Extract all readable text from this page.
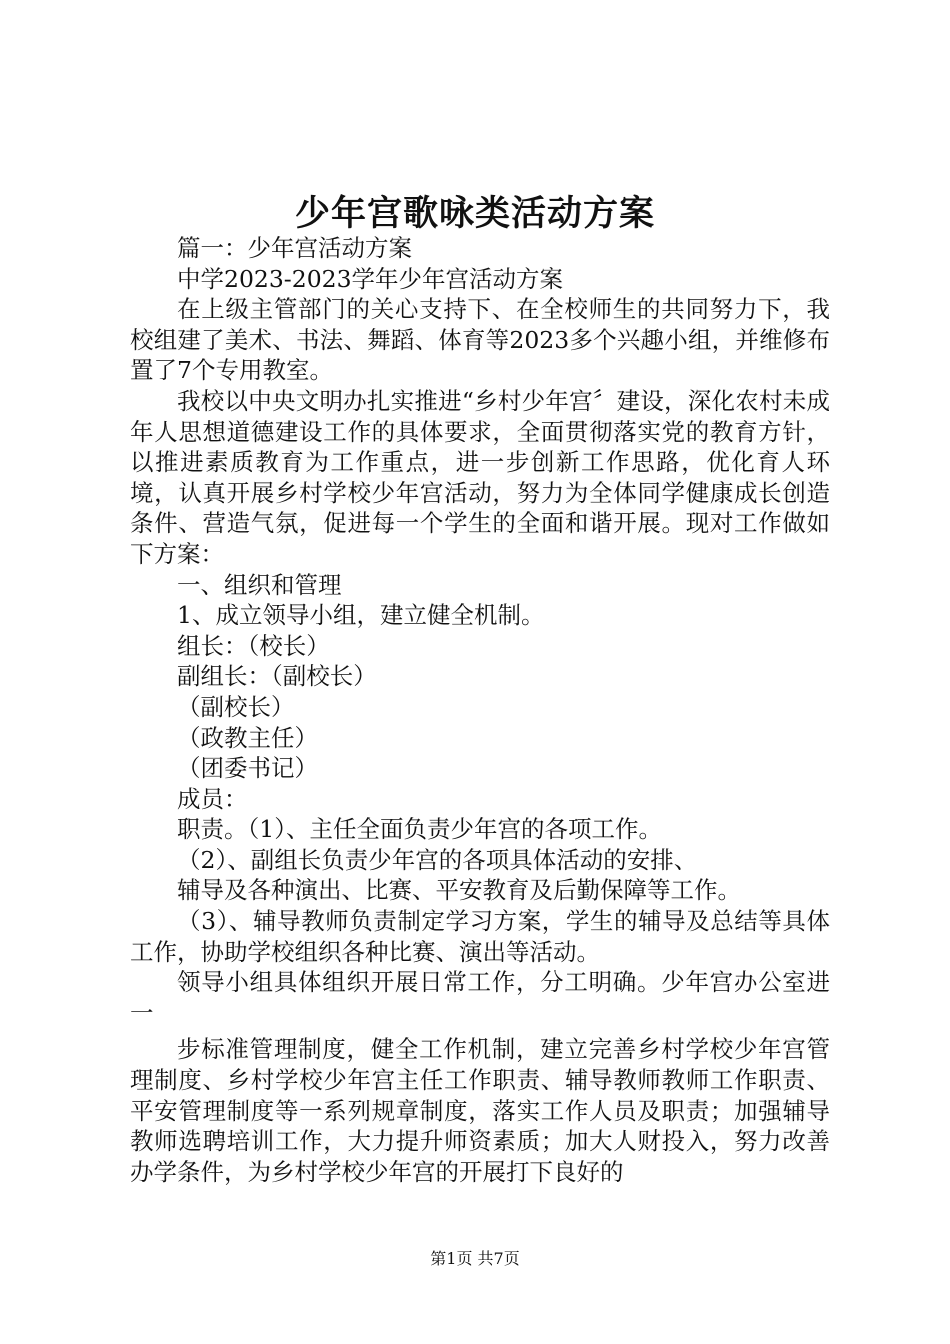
少年宫歌咏类活动方案

篇一：少年宫活动方案

中学2023-2023学年少年宫活动方案

在上级主管部门的关心支持下、在全校师生的共同努力下，我校组建了美术、书法、舞蹈、体育等2023多个兴趣小组，并维修布置了7个专用教室。

我校以中央文明办扎实推进“乡村少年宫〞建设，深化农村未成年人思想道德建设工作的具体要求，全面贯彻落实党的教育方针，以推进素质教育为工作重点，进一步创新工作思路，优化育人环境，认真开展乡村学校少年宫活动，努力为全体同学健康成长创造条件、营造气氛，促进每一个学生的全面和谐开展。现对工作做如下方案：

一、组织和管理

1、成立领导小组，建立健全机制。

组长：（校长）

副组长：（副校长）

（副校长）

（政教主任）

（团委书记）

成员：

职责。（1）、主任全面负责少年宫的各项工作。

（2）、副组长负责少年宫的各项具体活动的安排、

辅导及各种演出、比赛、平安教育及后勤保障等工作。

（3）、辅导教师负责制定学习方案，学生的辅导及总结等具体工作，协助学校组织各种比赛、演出等活动。

领导小组具体组织开展日常工作，分工明确。少年宫办公室进一

步标准管理制度，健全工作机制，建立完善乡村学校少年宫管理制度、乡村学校少年宫主任工作职责、辅导教师教师工作职责、平安管理制度等一系列规章制度，落实工作人员及职责；加强辅导教师选聘培训工作，大力提升师资素质；加大人财投入，努力改善办学条件，为乡村学校少年宫的开展打下良好的

第1页 共7页
